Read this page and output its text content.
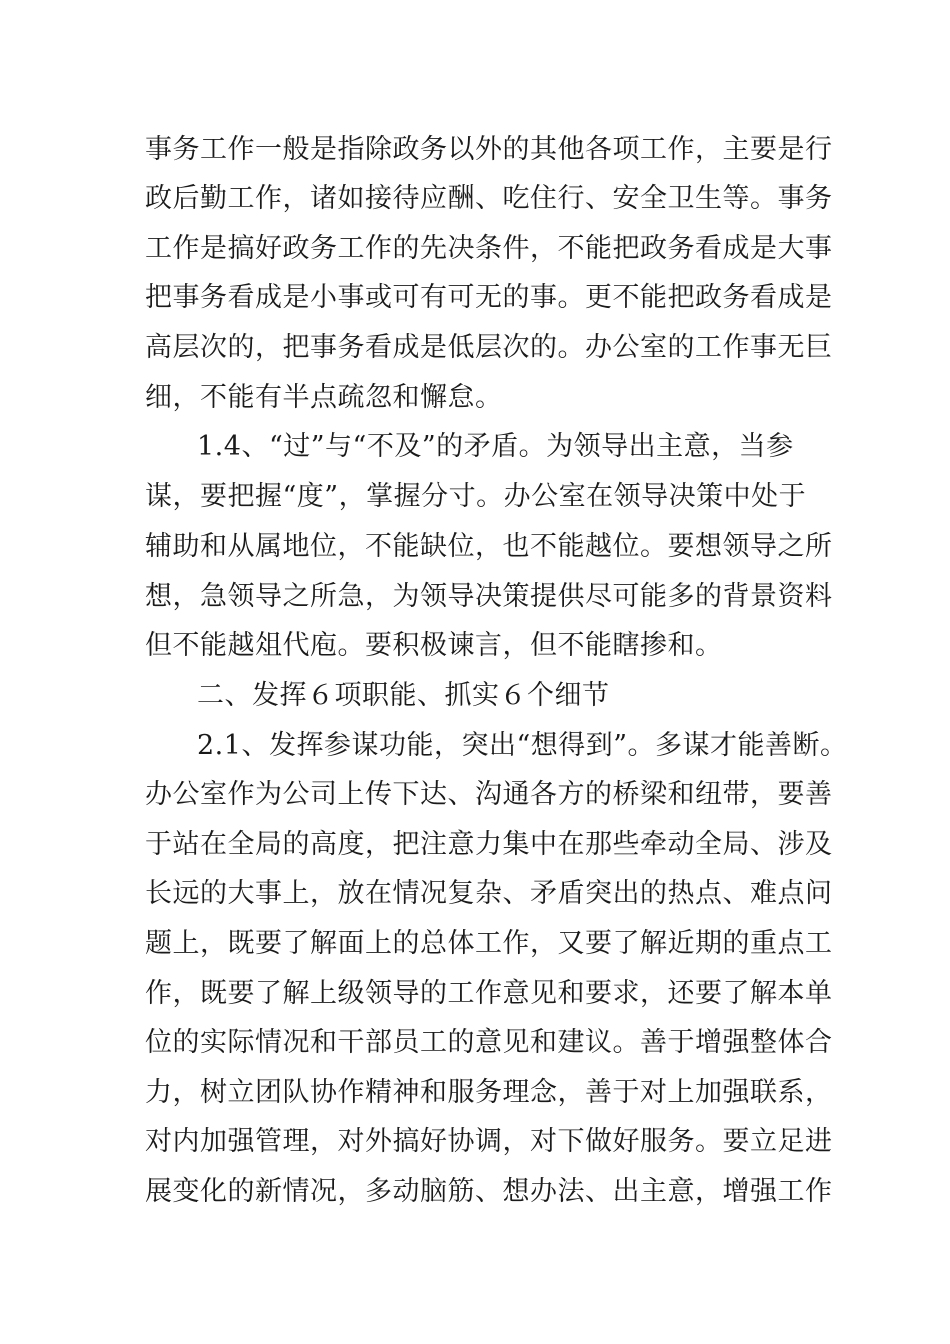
事务工作一般是指除政务以外的其他各项工作，主要是行

政后勤工作，诸如接待应酬、吃住行、安全卫生等。事务

工作是搞好政务工作的先决条件，不能把政务看成是大事

把事务看成是小事或可有可无的事。更不能把政务看成是

高层次的，把事务看成是低层次的。办公室的工作事无巨

细，不能有半点疏忽和懈怠。

1.4、“过”与“不及”的矛盾。为领导出主意，当参

谋，要把握“度”，掌握分寸。办公室在领导决策中处于

辅助和从属地位，不能缺位，也不能越位。要想领导之所

想，急领导之所急，为领导决策提供尽可能多的背景资料

但不能越俎代庖。要积极谏言，但不能瞎掺和。

二、发挥６项职能、抓实６个细节

2.1、发挥参谋功能，突出“想得到”。多谋才能善断。

办公室作为公司上传下达、沟通各方的桥梁和纽带，要善

于站在全局的高度，把注意力集中在那些牵动全局、涉及

长远的大事上，放在情况复杂、矛盾突出的热点、难点问

题上，既要了解面上的总体工作，又要了解近期的重点工

作，既要了解上级领导的工作意见和要求，还要了解本单

位的实际情况和干部员工的意见和建议。善于增强整体合

力，树立团队协作精神和服务理念，善于对上加强联系，

对内加强管理，对外搞好协调，对下做好服务。要立足进

展变化的新情况，多动脑筋、想办法、出主意，增强工作
